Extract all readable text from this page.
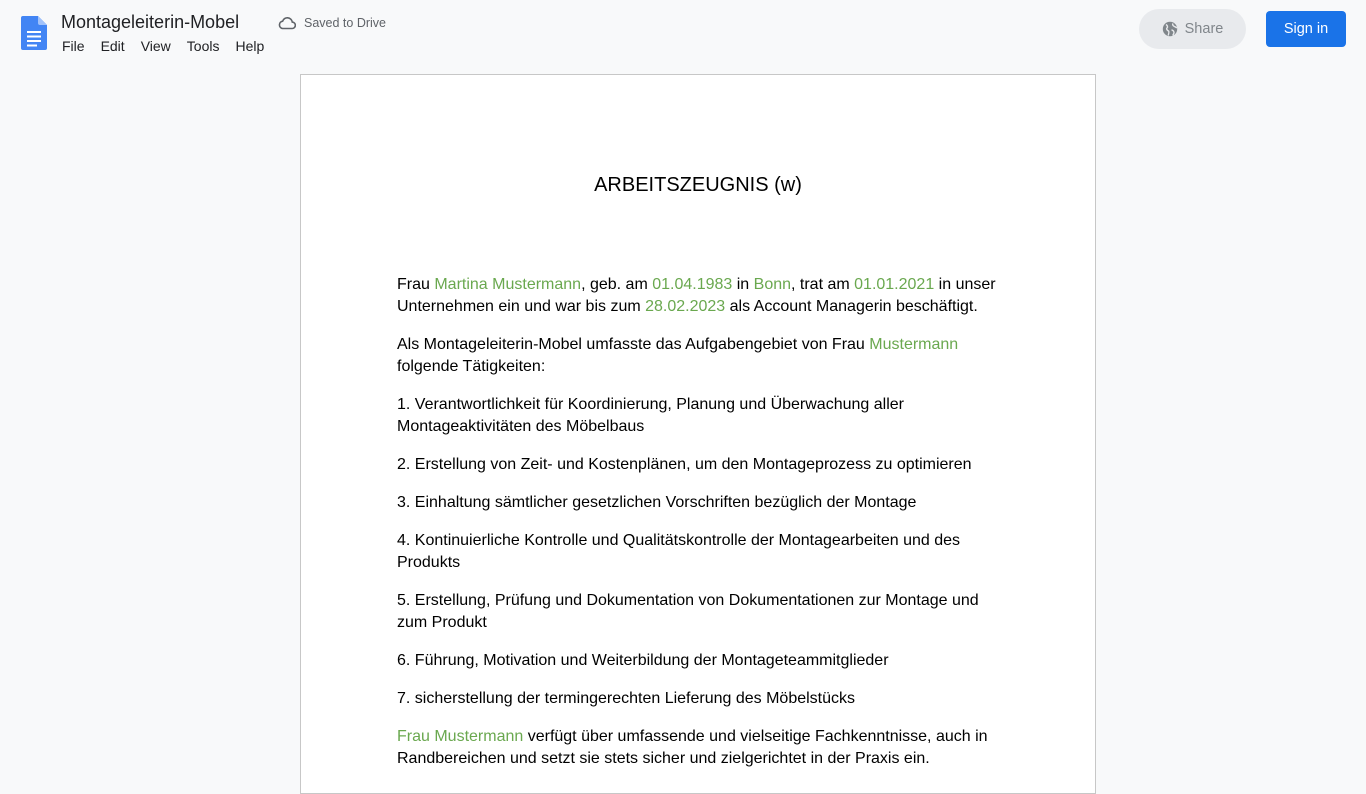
Montageleiterin-Mobel	Saved to Drive
File	Edit	View	Tools	Help
Share	Sign in
ARBEITSZEUGNIS (w)

Frau Martina Mustermann, geb. am 01.04.1983 in Bonn, trat am 01.01.2021 in unser Unternehmen ein und war bis zum 28.02.2023 als Account Managerin beschäftigt.

Als Montageleiterin-Mobel umfasste das Aufgabengebiet von Frau Mustermann folgende Tätigkeiten:

1. Verantwortlichkeit für Koordinierung, Planung und Überwachung aller Montageaktivitäten des Möbelbaus

2. Erstellung von Zeit- und Kostenplänen, um den Montageprozess zu optimieren

3. Einhaltung sämtlicher gesetzlichen Vorschriften bezüglich der Montage

4. Kontinuierliche Kontrolle und Qualitätskontrolle der Montagearbeiten und des Produkts

5. Erstellung, Prüfung und Dokumentation von Dokumentationen zur Montage und zum Produkt

6. Führung, Motivation und Weiterbildung der Montageteammitglieder

7. sicherstellung der termingerechten Lieferung des Möbelstücks

Frau Mustermann verfügt über umfassende und vielseitige Fachkenntnisse, auch in Randbereichen und setzt sie stets sicher und zielgerichtet in der Praxis ein.
